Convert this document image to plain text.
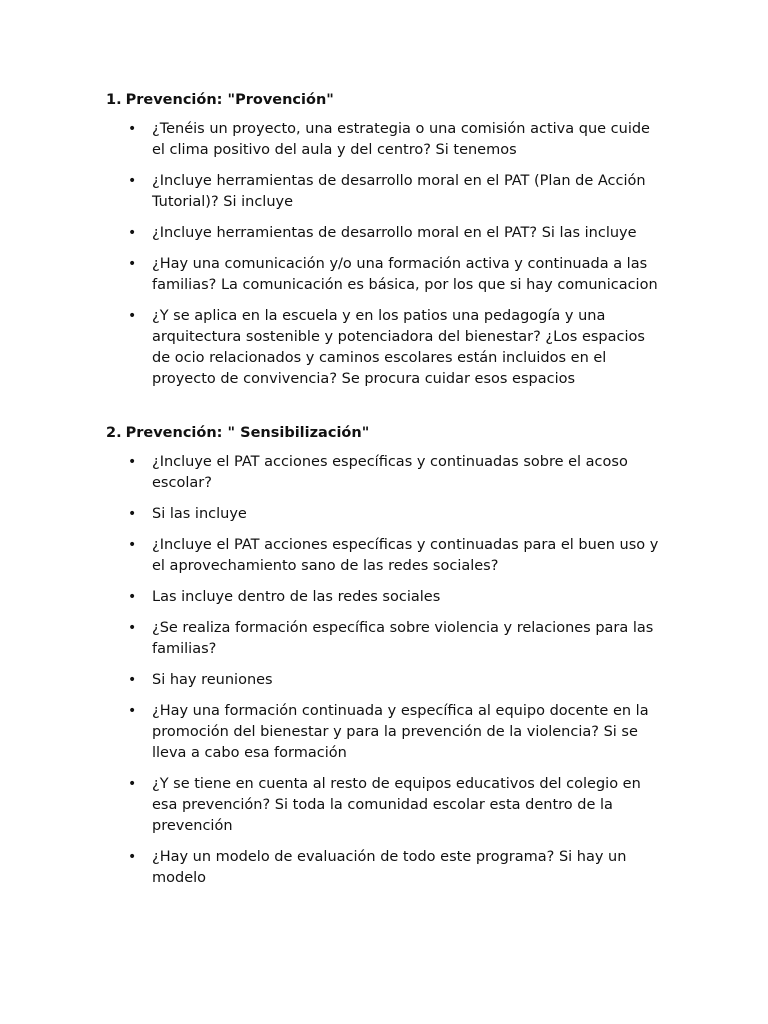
1. Prevención: "Provención"
• ¿Tenéis un proyecto, una estrategia o una comisión activa que cuide el clima positivo del aula y del centro? Si tenemos
• ¿Incluye herramientas de desarrollo moral en el PAT (Plan de Acción Tutorial)? Si incluye
• ¿Incluye herramientas de desarrollo moral en el PAT? Si las incluye
• ¿Hay una comunicación y/o una formación activa y continuada a las familias? La comunicación es básica, por los que si hay comunicacion
• ¿Y se aplica en la escuela y en los patios una pedagogía y una arquitectura sostenible y potenciadora del bienestar? ¿Los espacios de ocio relacionados y caminos escolares están incluidos en el proyecto de convivencia? Se procura cuidar esos espacios
2. Prevención: " Sensibilización"
• ¿Incluye el PAT acciones específicas y continuadas sobre el acoso escolar?
• Si las incluye
• ¿Incluye el PAT acciones específicas y continuadas para el buen uso y el aprovechamiento sano de las redes sociales?
• Las incluye dentro de las redes sociales
• ¿Se realiza formación específica sobre violencia y relaciones para las familias?
• Si hay reuniones
• ¿Hay una formación continuada y específica al equipo docente en la promoción del bienestar y para la prevención de la violencia? Si se lleva a cabo esa formación
• ¿Y se tiene en cuenta al resto de equipos educativos del colegio en esa prevención? Si toda la comunidad escolar esta dentro de la prevención
• ¿Hay un modelo de evaluación de todo este programa? Si hay un modelo
